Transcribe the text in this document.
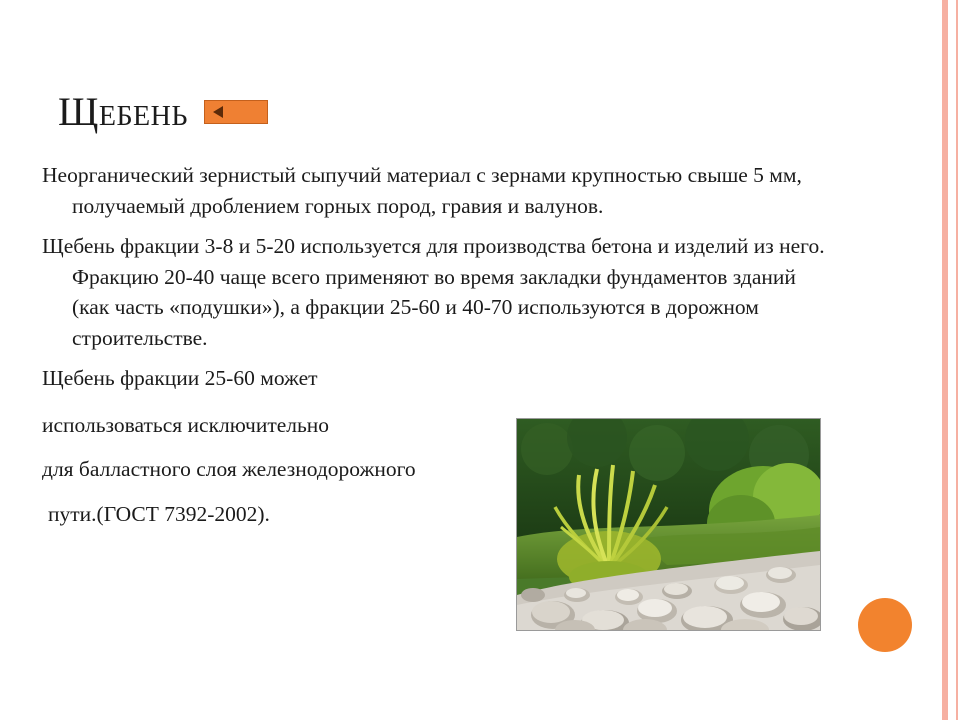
Щебень

Неорганический зернистый сыпучий материал с зернами крупностью свыше 5 мм, получаемый дроблением горных пород, гравия и валунов.

Щебень фракции 3-8 и 5-20 используется для производства бетона и изделий из него. Фракцию 20-40 чаще всего применяют во время закладки фундаментов зданий (как часть «подушки»), а фракции 25-60 и 40-70 используются в дорожном строительстве.

Щебень фракции 25-60 может

использоваться исключительно

для балластного слоя железнодорожного

пути.(ГОСТ 7392-2002).
